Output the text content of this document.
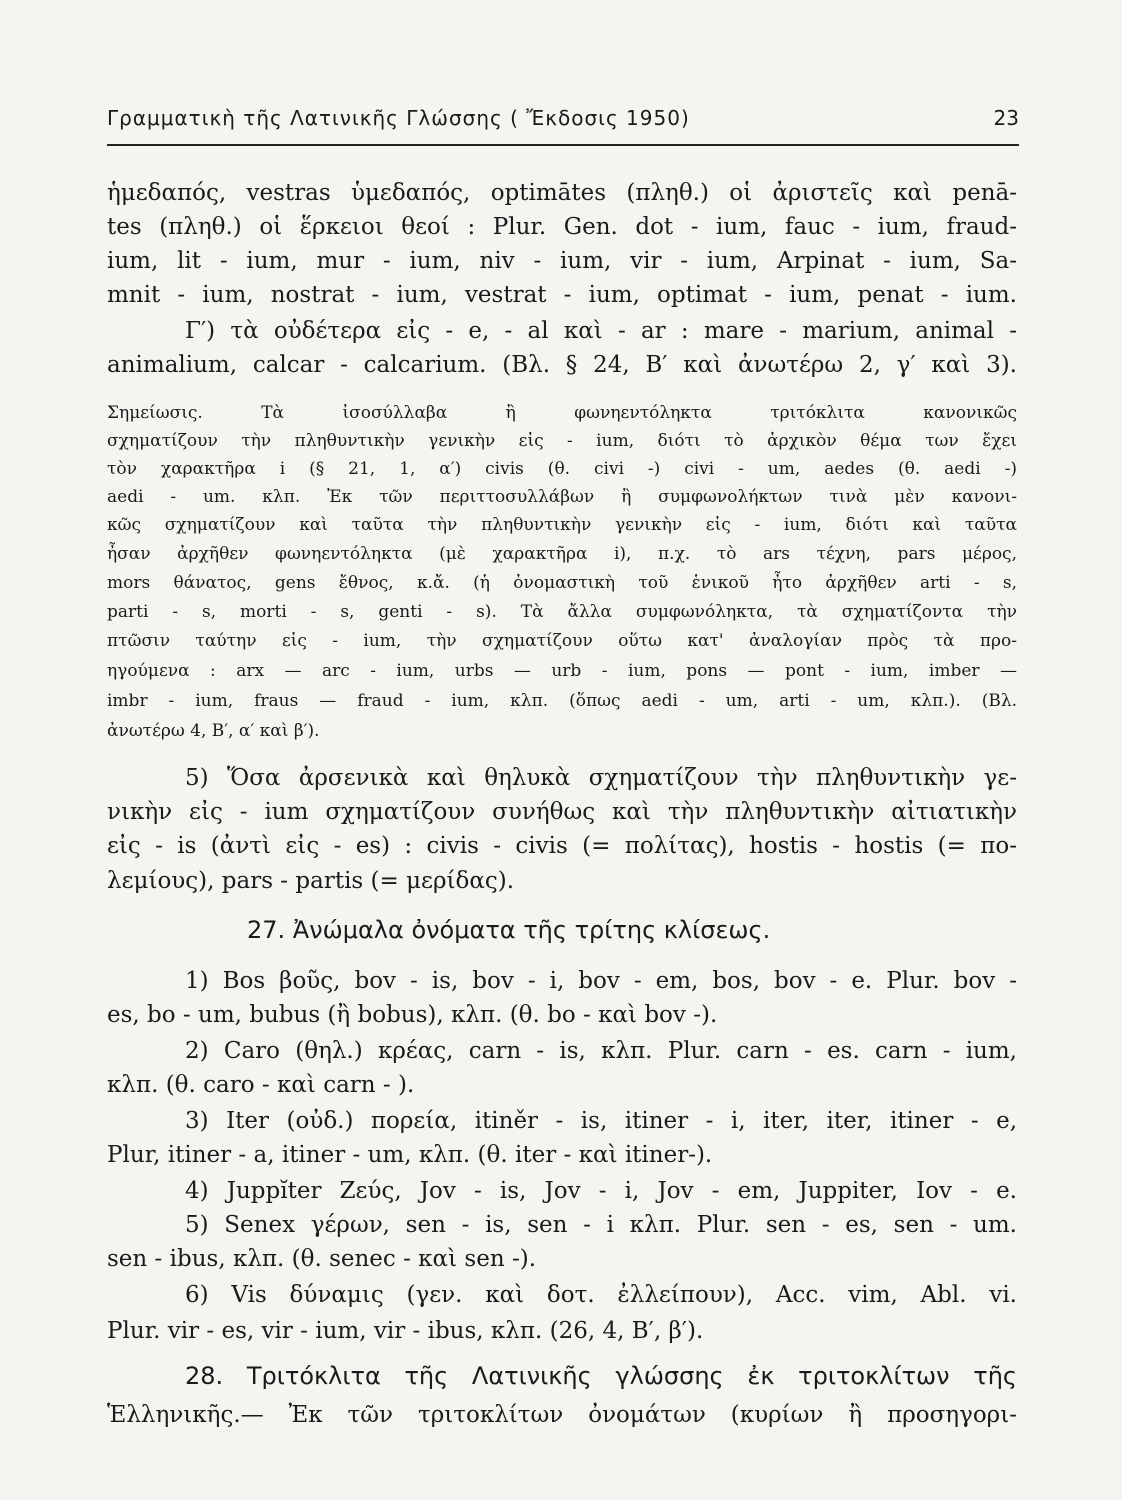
Γραμματικὴ τῆς Λατινικῆς Γλώσσης ( Ἔκδοσις 1950)	23
ἡμεδαπός, vestras ὑμεδαπός, optimātes (πληθ.) οἱ ἀριστεῖς καὶ penā-
tes (πληθ.) οἱ ἕρκειοι θεοί : Plur. Gen. dot - ium, fauc - ium, fraud-
ium, lit - ium, mur - ium, niv - ium, vir - ium, Arpinat - ium, Sa-
mnit - ium, nostrat - ium, vestrat - ium, optimat - ium, penat - ium.
Γ′) τὰ οὐδέτερα εἰς - e, - al καὶ - ar : mare - marium, animal -
animalium, calcar - calcarium. (Βλ. § 24, Β′ καὶ ἀνωτέρω 2, γ′ καὶ 3).
Σημείωσις. Τὰ ἰσοσύλλαβα ἢ φωνηεντόληκτα τριτόκλιτα κανονικῶς
σχηματίζουν τὴν πληθυντικὴν γενικὴν εἰς - ium, διότι τὸ ἀρχικὸν θέμα των ἔχει
τὸν χαρακτῆρα i (§ 21, 1, α′) civis (θ. civi -) civi - um, aedes (θ. aedi -)
aedi - um. κλπ. Ἐκ τῶν περιττοσυλλάβων ἢ συμφωνολήκτων τινὰ μὲν κανονι-
κῶς σχηματίζουν καὶ ταῦτα τὴν πληθυντικὴν γενικὴν εἰς - ium, διότι καὶ ταῦτα
ἦσαν ἀρχῆθεν φωνηεντόληκτα (μὲ χαρακτῆρα i), π.χ. τὸ ars τέχνη, pars μέρος,
mors θάνατος, gens ἔθνος, κ.ἄ. (ἡ ὀνομαστικὴ τοῦ ἑνικοῦ ἦτο ἀρχῆθεν arti - s,
parti - s, morti - s, genti - s). Τὰ ἄλλα συμφωνόληκτα, τὰ σχηματίζοντα τὴν
πτῶσιν ταύτην εἰς - ium, τὴν σχηματίζουν οὕτω κατ' ἀναλογίαν πρὸς τὰ προ-
ηγούμενα : arx — arc - ium, urbs — urb - ium, pons — pont - ium, imber —
imbr - ium, fraus — fraud - ium, κλπ. (ὅπως aedi - um, arti - um, κλπ.). (Βλ.
ἀνωτέρω 4, Β′, α′ καὶ β′).
5) Ὅσα ἀρσενικὰ καὶ θηλυκὰ σχηματίζουν τὴν πληθυντικὴν γε-
νικὴν εἰς - ium σχηματίζουν συνήθως καὶ τὴν πληθυντικὴν αἰτιατικὴν
εἰς - is (ἀντὶ εἰς - es) : civis - civis (= πολίτας), hostis - hostis (= πο-
λεμίους), pars - partis (= μερίδας).
27. Ἀνώμαλα ὀνόματα τῆς τρίτης κλίσεως.
1) Bos βοῦς, bov - is, bov - i, bov - em, bos, bov - e. Plur. bov -
es, bo - um, bubus (ἢ bobus), κλπ. (θ. bo - καὶ bov -).
2) Caro (θηλ.) κρέας, carn - is, κλπ. Plur. carn - es. carn - ium,
κλπ. (θ. caro - καὶ carn - ).
3) Iter (οὐδ.) πορεία, itiněr - is, itiner - i, iter, iter, itiner - e,
Plur, itiner - a, itiner - um, κλπ. (θ. iter - καὶ itiner-).
4) Juppĭter Ζεύς, Jov - is, Jov - i, Jov - em, Juppiter, Iov - e.
5) Senex γέρων, sen - is, sen - i κλπ. Plur. sen - es, sen - um.
sen - ibus, κλπ. (θ. senec - καὶ sen -).
6) Vis δύναμις (γεν. καὶ δοτ. ἐλλείπουν), Acc. vim, Abl. vi.
Plur. vir - es, vir - ium, vir - ibus, κλπ. (26, 4, Β′, β′).
28. Τριτόκλιτα τῆς Λατινικῆς γλώσσης ἐκ τριτοκλίτων τῆς
Ἑλληνικῆς.— Ἐκ τῶν τριτοκλίτων ὀνομάτων (κυρίων ἢ προσηγορι-
